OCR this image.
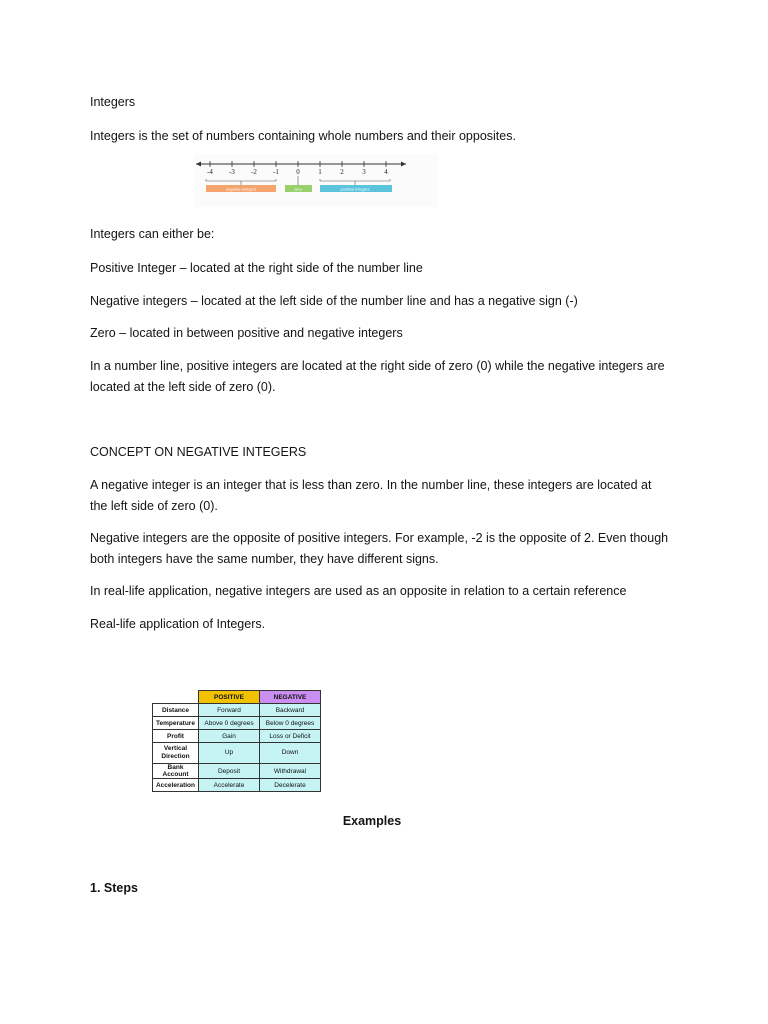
Integers
Integers is the set of numbers containing whole numbers and their opposites.
-4 -3 -2 -1 0	1	2	3	4
negative integers	zero	positive integers
Integers can either be:
Positive Integer – located at the right side of the number line
Negative integers – located at the left side of the number line and has a negative sign (-)
Zero – located in between positive and negative integers
In a number line, positive integers are located at the right side of zero (0) while the negative integers are
located at the left side of zero (0).
CONCEPT ON NEGATIVE INTEGERS
A negative integer is an integer that is less than zero. In the number line, these integers are located at
the left side of zero (0).
Negative integers are the opposite of positive integers. For example, -2 is the opposite of 2. Even though
both integers have the same number, they have different signs.
In real-life application, negative integers are used as an opposite in relation to a certain reference
Real-life application of Integers.
	POSITIVE	NEGATIVE
Distance	Forward	Backward
Temperature	Above 0 degrees	Below 0 degrees
Profit	Gain	Loss or Deficit
Vertical Direction	Up	Down
Bank Account	Deposit	Withdrawal
Acceleration	Accelerate	Decelerate
Examples
1. Steps
